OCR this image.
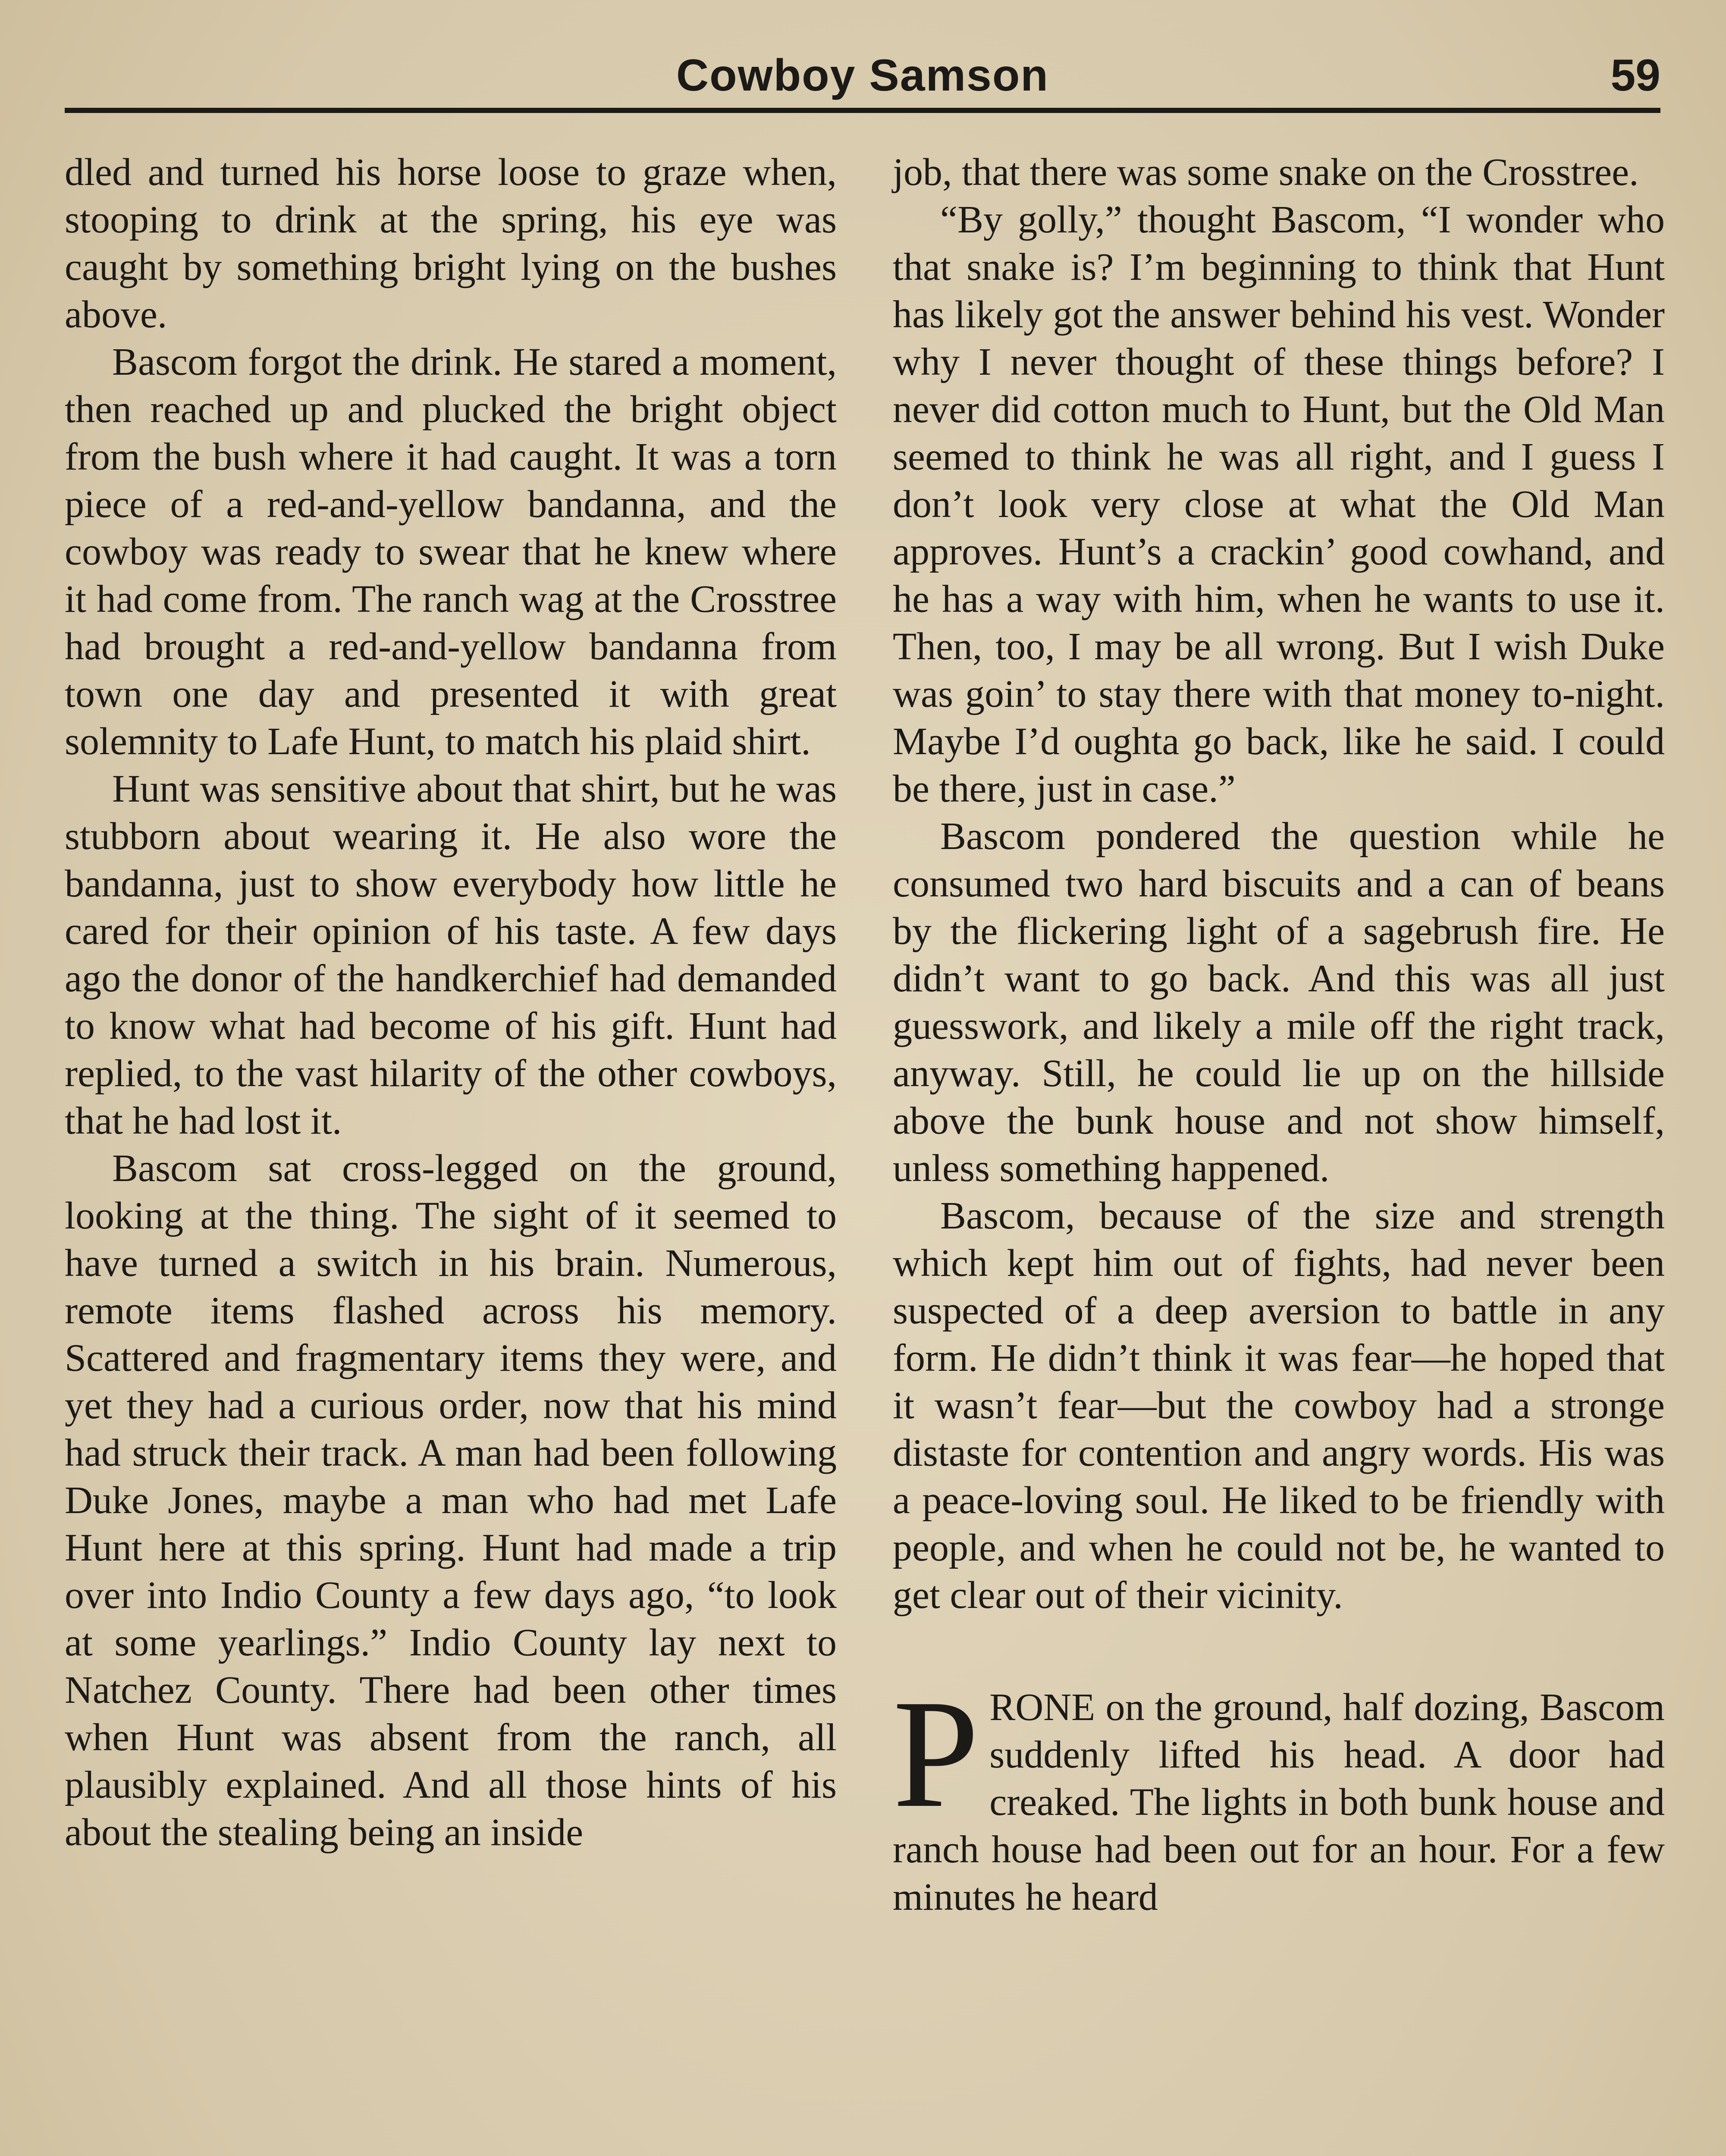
Cowboy Samson	59

dled and turned his horse loose to graze when, stooping to drink at the spring, his eye was caught by something bright lying on the bushes above.

Bascom forgot the drink. He stared a moment, then reached up and plucked the bright object from the bush where it had caught. It was a torn piece of a red-and-yellow bandanna, and the cowboy was ready to swear that he knew where it had come from. The ranch wag at the Crosstree had brought a red-and-yellow bandanna from town one day and presented it with great solemnity to Lafe Hunt, to match his plaid shirt.

Hunt was sensitive about that shirt, but he was stubborn about wearing it. He also wore the bandanna, just to show everybody how little he cared for their opinion of his taste. A few days ago the donor of the handkerchief had demanded to know what had become of his gift. Hunt had replied, to the vast hilarity of the other cowboys, that he had lost it.

Bascom sat cross-legged on the ground, looking at the thing. The sight of it seemed to have turned a switch in his brain. Numerous, remote items flashed across his memory. Scattered and fragmentary items they were, and yet they had a curious order, now that his mind had struck their track. A man had been following Duke Jones, maybe a man who had met Lafe Hunt here at this spring. Hunt had made a trip over into Indio County a few days ago, “to look at some yearlings.” Indio County lay next to Natchez County. There had been other times when Hunt was absent from the ranch, all plausibly explained. And all those hints of his about the stealing being an inside

job, that there was some snake on the Crosstree.

“By golly,” thought Bascom, “I wonder who that snake is? I’m beginning to think that Hunt has likely got the answer behind his vest. Wonder why I never thought of these things before? I never did cotton much to Hunt, but the Old Man seemed to think he was all right, and I guess I don’t look very close at what the Old Man approves. Hunt’s a crackin’ good cowhand, and he has a way with him, when he wants to use it. Then, too, I may be all wrong. But I wish Duke was goin’ to stay there with that money to-night. Maybe I’d oughta go back, like he said. I could be there, just in case.”

Bascom pondered the question while he consumed two hard biscuits and a can of beans by the flickering light of a sagebrush fire. He didn’t want to go back. And this was all just guesswork, and likely a mile off the right track, anyway. Still, he could lie up on the hillside above the bunk house and not show himself, unless something happened.

Bascom, because of the size and strength which kept him out of fights, had never been suspected of a deep aversion to battle in any form. He didn’t think it was fear—he hoped that it wasn’t fear—but the cowboy had a stronge distaste for contention and angry words. His was a peace-loving soul. He liked to be friendly with people, and when he could not be, he wanted to get clear out of their vicinity.

PRONE on the ground, half dozing, Bascom suddenly lifted his head. A door had creaked. The lights in both bunk house and ranch house had been out for an hour. For a few minutes he heard
